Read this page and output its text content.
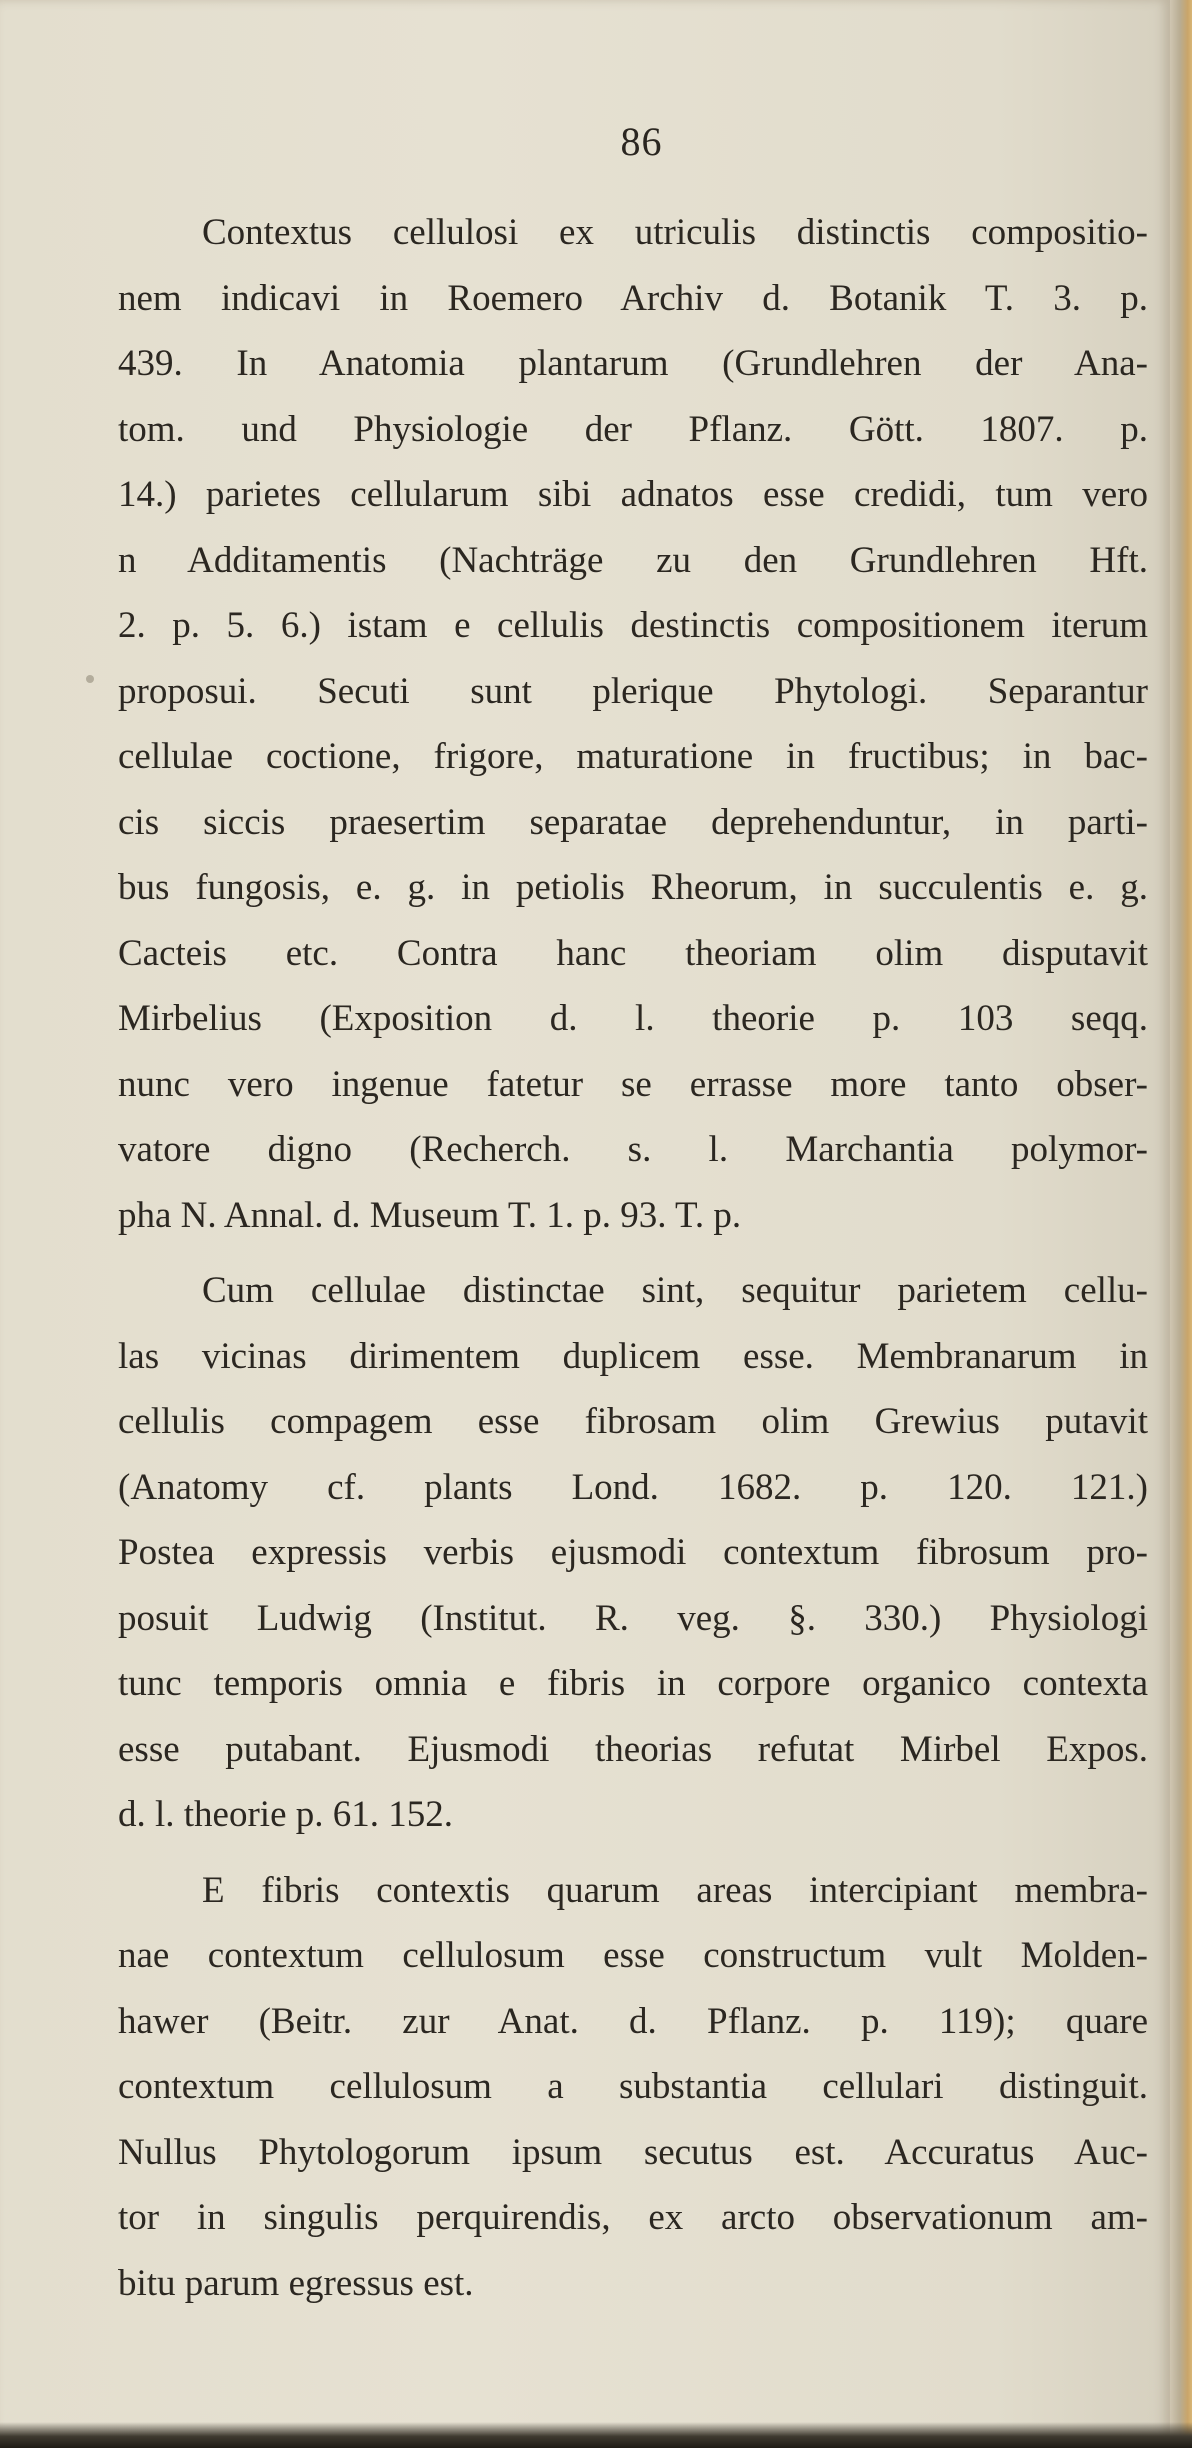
86
Contextus cellulosi ex utriculis distinctis compositio-
nem indicavi in Roemero Archiv d. Botanik T. 3. p.
439. In Anatomia plantarum (Grundlehren der Ana-
tom. und Physiologie der Pflanz. Gött. 1807. p.
14.) parietes cellularum sibi adnatos esse credidi, tum vero
n Additamentis (Nachträge zu den Grundlehren Hft.
2. p. 5. 6.) istam e cellulis destinctis compositionem iterum
proposui. Secuti sunt plerique Phytologi. Separantur
cellulae coctione, frigore, maturatione in fructibus; in bac-
cis siccis praesertim separatae deprehenduntur, in parti-
bus fungosis, e. g. in petiolis Rheorum, in succulentis e. g.
Cacteis etc. Contra hanc theoriam olim disputavit
Mirbelius (Exposition d. l. theorie p. 103 seqq.
nunc vero ingenue fatetur se errasse more tanto obser-
vatore digno (Recherch. s. l. Marchantia polymor-
pha N. Annal. d. Museum T. 1. p. 93. T. p.
Cum cellulae distinctae sint, sequitur parietem cellu-
las vicinas dirimentem duplicem esse. Membranarum in
cellulis compagem esse fibrosam olim Grewius putavit
(Anatomy cf. plants Lond. 1682. p. 120. 121.)
Postea expressis verbis ejusmodi contextum fibrosum pro-
posuit Ludwig (Institut. R. veg. §. 330.) Physiologi
tunc temporis omnia e fibris in corpore organico contexta
esse putabant. Ejusmodi theorias refutat Mirbel Expos.
d. l. theorie p. 61. 152.
E fibris contextis quarum areas intercipiant membra-
nae contextum cellulosum esse constructum vult Molden-
hawer (Beitr. zur Anat. d. Pflanz. p. 119); quare
contextum cellulosum a substantia cellulari distinguit.
Nullus Phytologorum ipsum secutus est. Accuratus Auc-
tor in singulis perquirendis, ex arcto observationum am-
bitu parum egressus est.
